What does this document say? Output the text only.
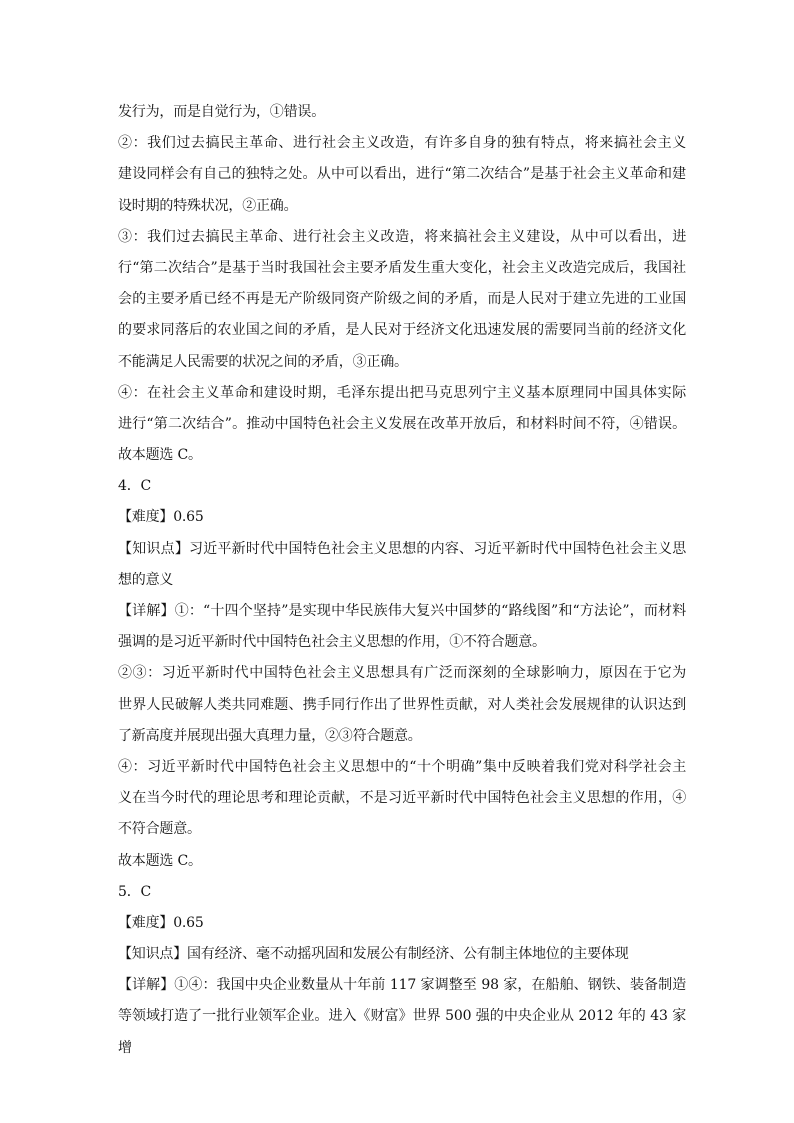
发行为，而是自觉行为，①错误。
②：我们过去搞民主革命、进行社会主义改造，有许多自身的独有特点，将来搞社会主义
建设同样会有自己的独特之处。从中可以看出，进行“第二次结合”是基于社会主义革命和建
设时期的特殊状况，②正确。
③：我们过去搞民主革命、进行社会主义改造，将来搞社会主义建设，从中可以看出，进
行“第二次结合”是基于当时我国社会主要矛盾发生重大变化，社会主义改造完成后，我国社
会的主要矛盾已经不再是无产阶级同资产阶级之间的矛盾，而是人民对于建立先进的工业国
的要求同落后的农业国之间的矛盾，是人民对于经济文化迅速发展的需要同当前的经济文化
不能满足人民需要的状况之间的矛盾，③正确。
④：在社会主义革命和建设时期，毛泽东提出把马克思列宁主义基本原理同中国具体实际
进行“第二次结合”。推动中国特色社会主义发展在改革开放后，和材料时间不符，④错误。
故本题选 C。
4．C
【难度】0.65
【知识点】习近平新时代中国特色社会主义思想的内容、习近平新时代中国特色社会主义思
想的意义
【详解】①：“十四个坚持”是实现中华民族伟大复兴中国梦的“路线图”和“方法论”，而材料
强调的是习近平新时代中国特色社会主义思想的作用，①不符合题意。
②③：习近平新时代中国特色社会主义思想具有广泛而深刻的全球影响力，原因在于它为
世界人民破解人类共同难题、携手同行作出了世界性贡献，对人类社会发展规律的认识达到
了新高度并展现出强大真理力量，②③符合题意。
④：习近平新时代中国特色社会主义思想中的“十个明确”集中反映着我们党对科学社会主
义在当今时代的理论思考和理论贡献，不是习近平新时代中国特色社会主义思想的作用，④
不符合题意。
故本题选 C。
5．C
【难度】0.65
【知识点】国有经济、毫不动摇巩固和发展公有制经济、公有制主体地位的主要体现
【详解】①④：我国中央企业数量从十年前 117 家调整至 98 家，在船舶、钢铁、装备制造
等领域打造了一批行业领军企业。进入《财富》世界 500 强的中央企业从 2012 年的 43 家增
